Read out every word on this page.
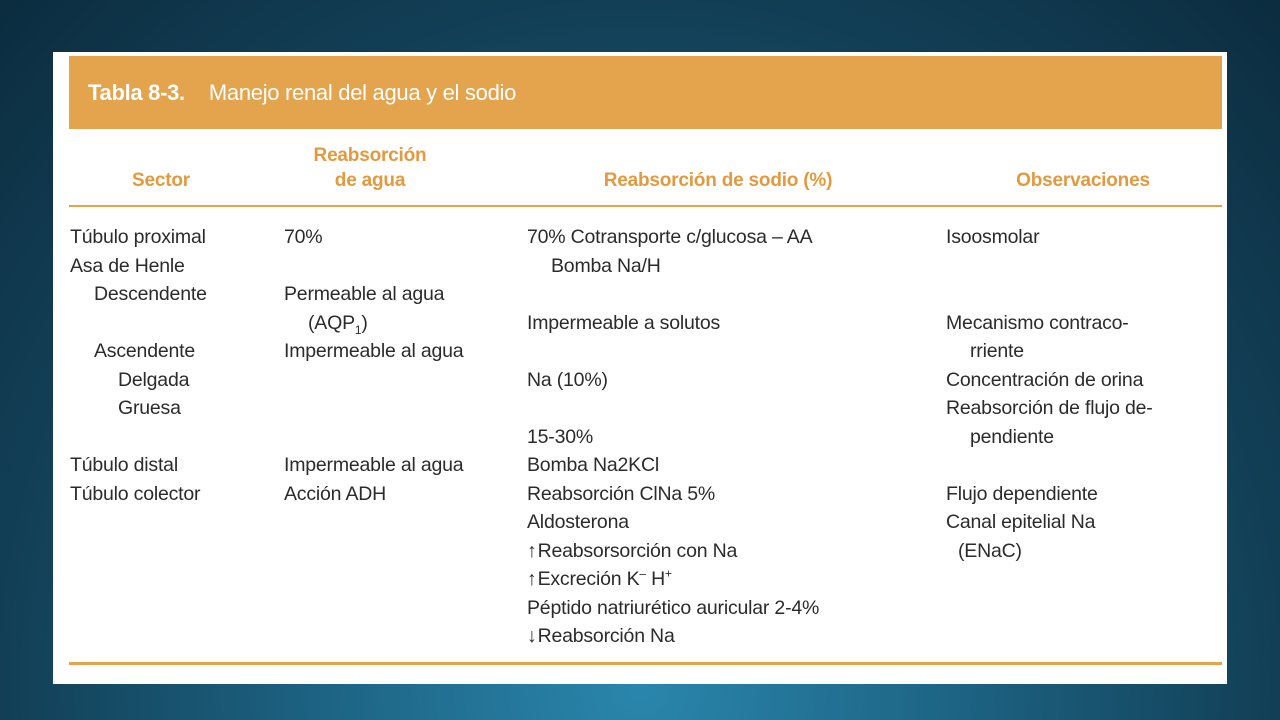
Tabla 8-3. Manejo renal del agua y el sodio
Sector
Reabsorción
de agua	Reabsorción de sodio (%)	Observaciones
Túbulo proximal
Asa de Henle
Descendente

Ascendente
Delgada
Gruesa

Túbulo distal
Túbulo colector
70%

Permeable al agua
$(AQP_1)$
Impermeable al agua

Impermeable al agua
Acción ADH
70% Cotransporte c/glucosa – AA
Bomba Na/H

Impermeable a solutos

Na (10%)

15-30%
Bomba Na2KCl
Reabsorción ClNa 5%
Aldosterona
↑Reabsorsorción con Na
↑Excreción K– H+
Péptido natriurético auricular 2-4%
↓Reabsorción Na
Isoosmolar

Mecanismo contraco-
rriente
Concentración de orina
Reabsorción de flujo de-
pendiente

Flujo dependiente
Canal epitelial Na
(ENaC)
